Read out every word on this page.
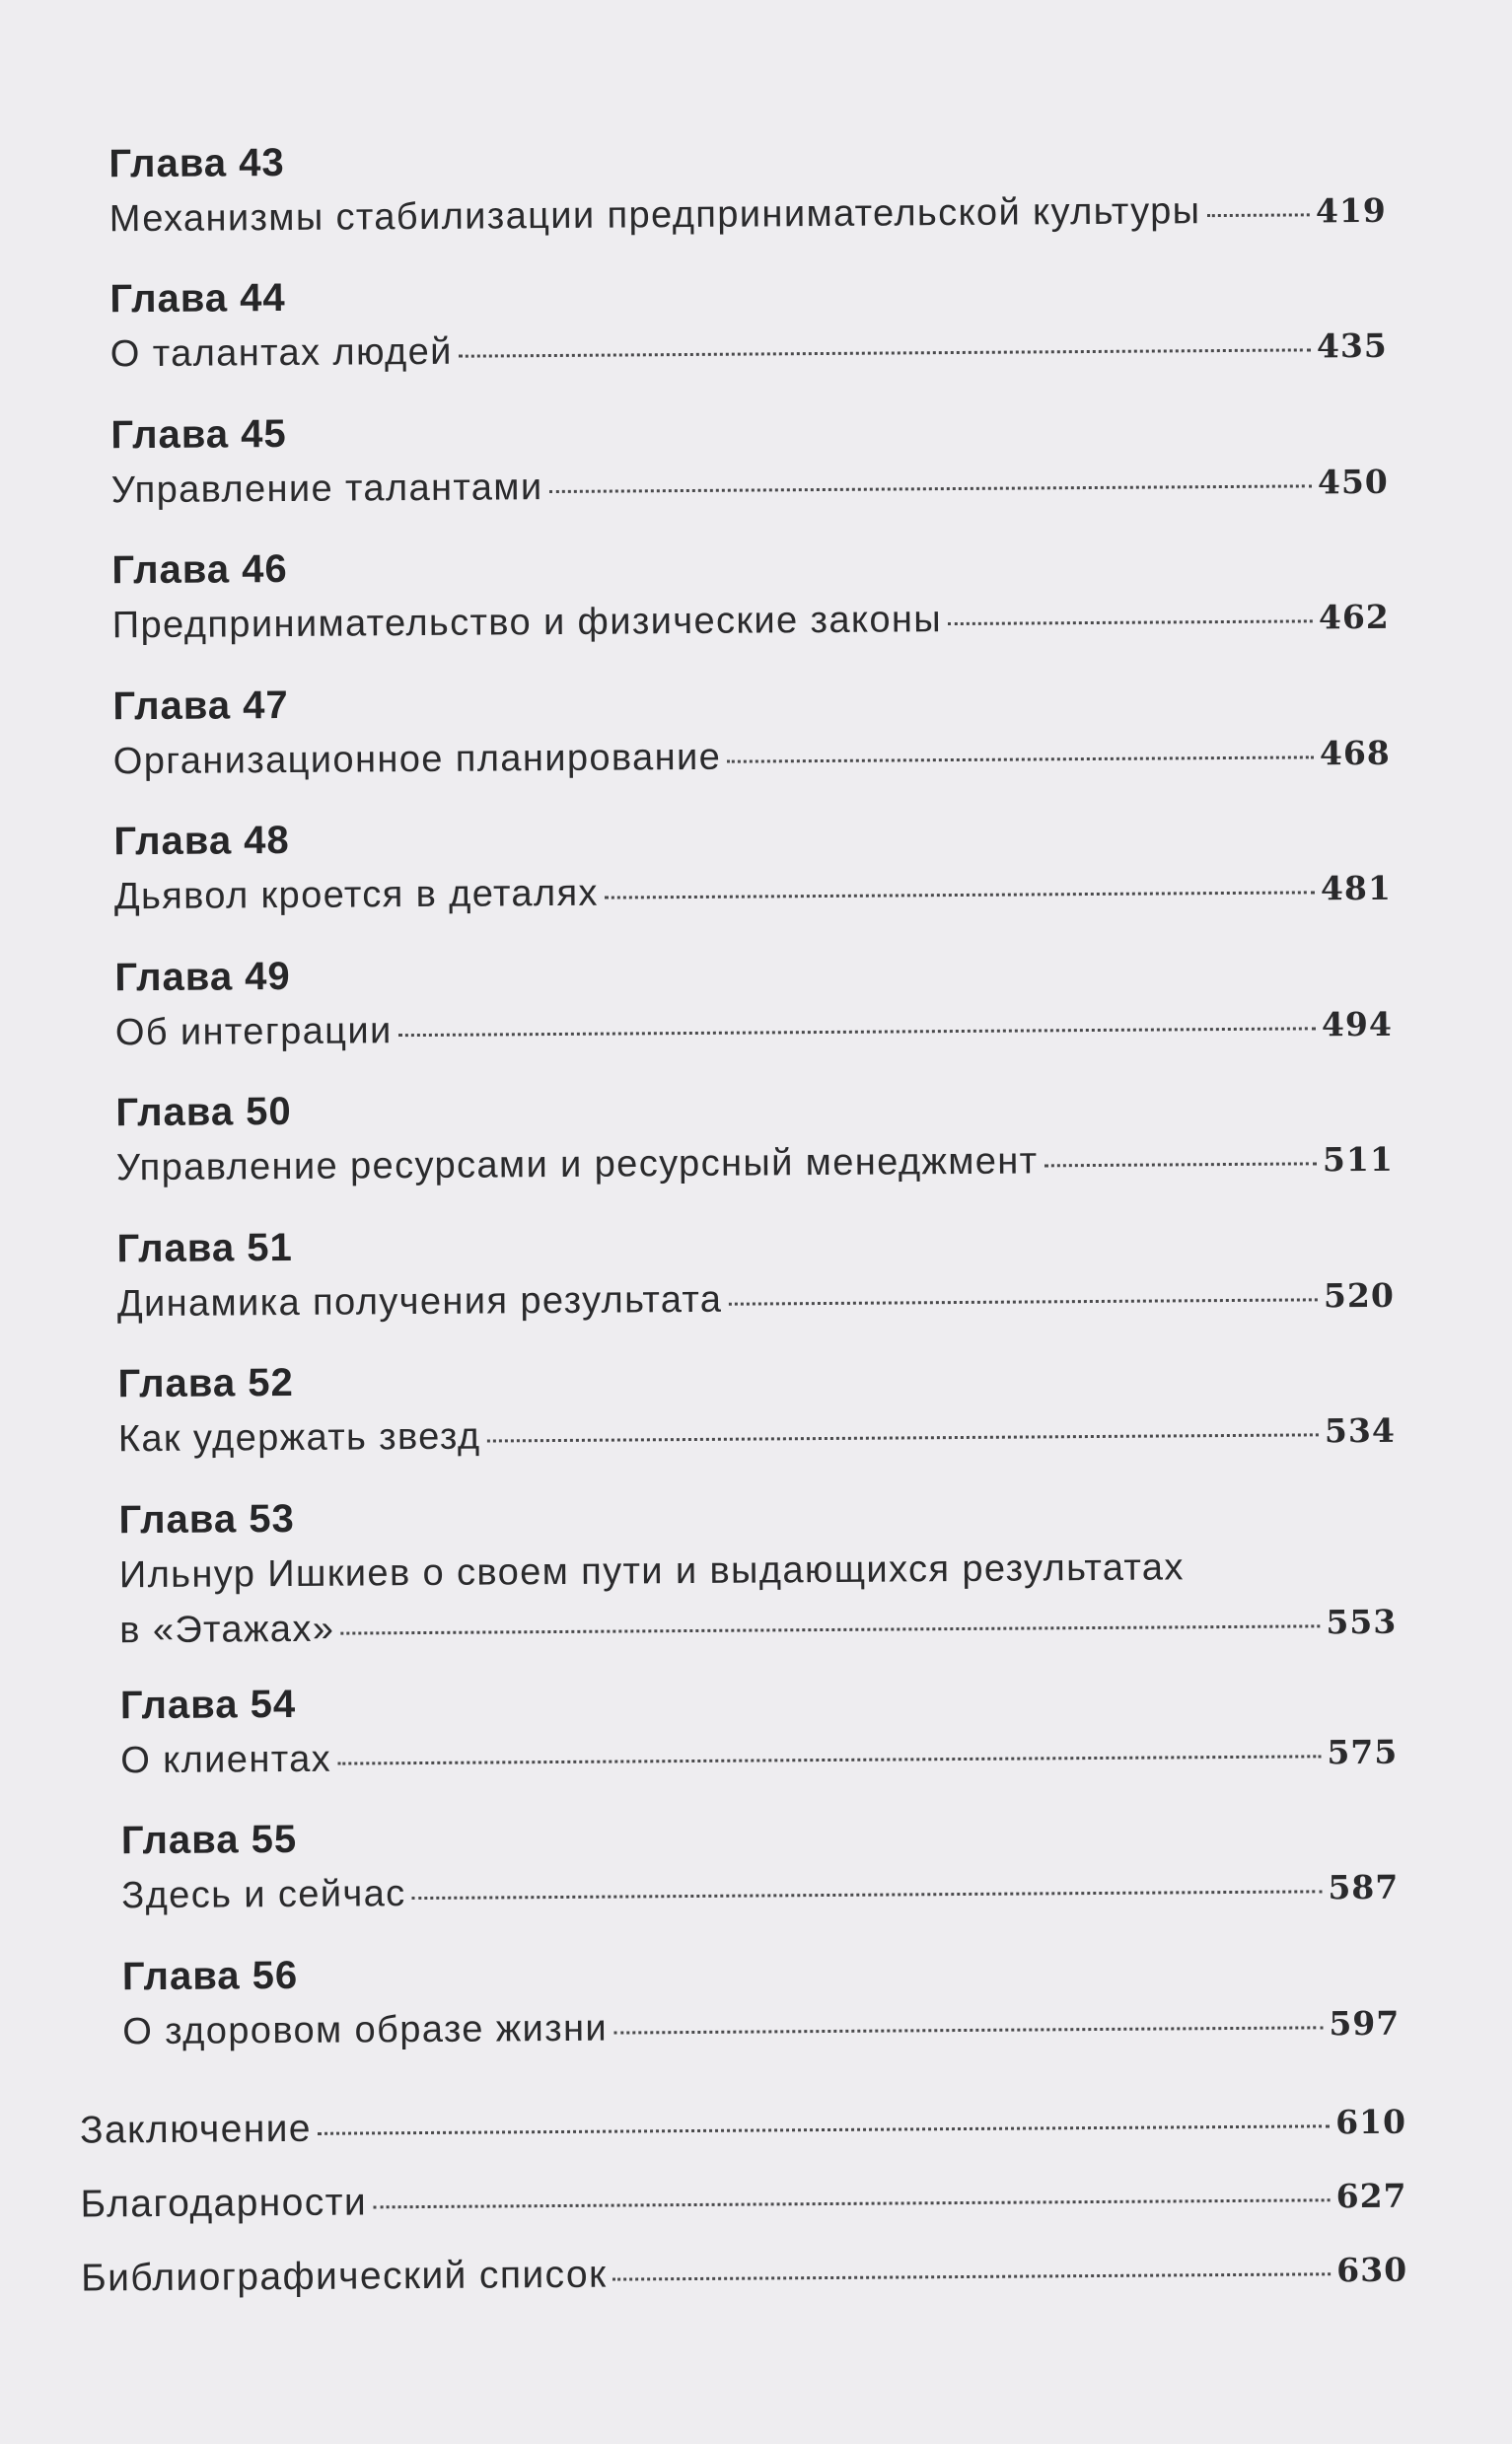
Глава 43
Механизмы стабилизации предпринимательской культуры	419
Глава 44
О талантах людей	435
Глава 45
Управление талантами	450
Глава 46
Предпринимательство и физические законы	462
Глава 47
Организационное планирование	468
Глава 48
Дьявол кроется в деталях	481
Глава 49
Об интеграции	494
Глава 50
Управление ресурсами и ресурсный менеджмент	511
Глава 51
Динамика получения результата	520
Глава 52
Как удержать звезд	534
Глава 53
Ильнур Ишкиев о своем пути и выдающихся результатах
в «Этажах»	553
Глава 54
О клиентах	575
Глава 55
Здесь и сейчас	587
Глава 56
О здоровом образе жизни	597
Заключение	610
Благодарности	627
Библиографический список	630
